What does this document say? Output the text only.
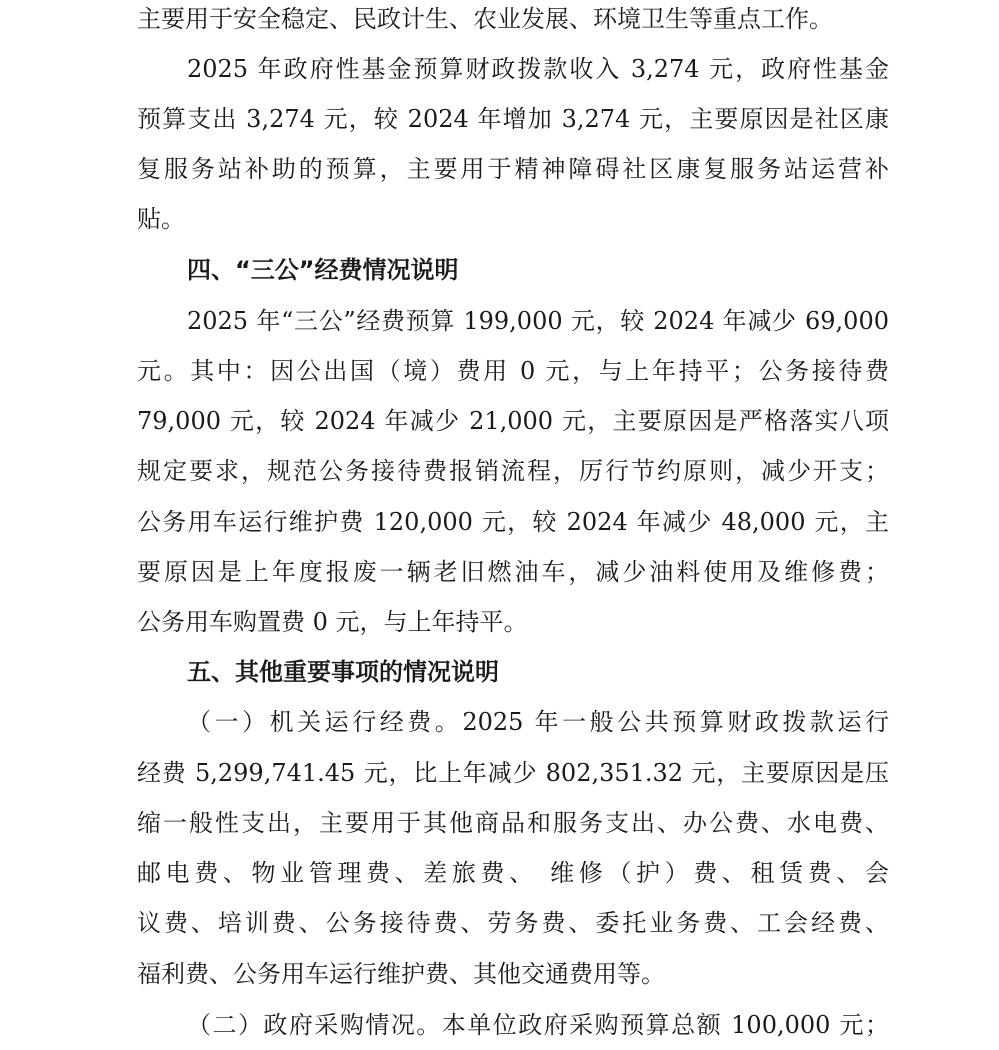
主要用于安全稳定、民政计生、农业发展、环境卫生等重点工作。
2025 年政府性基金预算财政拨款收入 3,274 元，政府性基金
预算支出 3,274 元，较 2024 年增加 3,274 元，主要原因是社区康
复服务站补助的预算，主要用于精神障碍社区康复服务站运营补
贴。
四、“三公”经费情况说明
2025 年“三公”经费预算 199,000 元，较 2024 年减少 69,000
元。其中：因公出国（境）费用 0 元，与上年持平；公务接待费
79,000 元，较 2024 年减少 21,000 元，主要原因是严格落实八项
规定要求，规范公务接待费报销流程，厉行节约原则，减少开支；
公务用车运行维护费 120,000 元，较 2024 年减少 48,000 元，主
要原因是上年度报废一辆老旧燃油车，减少油料使用及维修费；
公务用车购置费 0 元，与上年持平。
五、其他重要事项的情况说明
（一）机关运行经费。2025 年一般公共预算财政拨款运行
经费 5,299,741.45 元，比上年减少 802,351.32 元，主要原因是压
缩一般性支出，主要用于其他商品和服务支出、办公费、水电费、
邮电费、物业管理费、差旅费、 维修（护）费、租赁费、会
议费、培训费、公务接待费、劳务费、委托业务费、工会经费、
福利费、公务用车运行维护费、其他交通费用等。
（二）政府采购情况。本单位政府采购预算总额 100,000 元；
